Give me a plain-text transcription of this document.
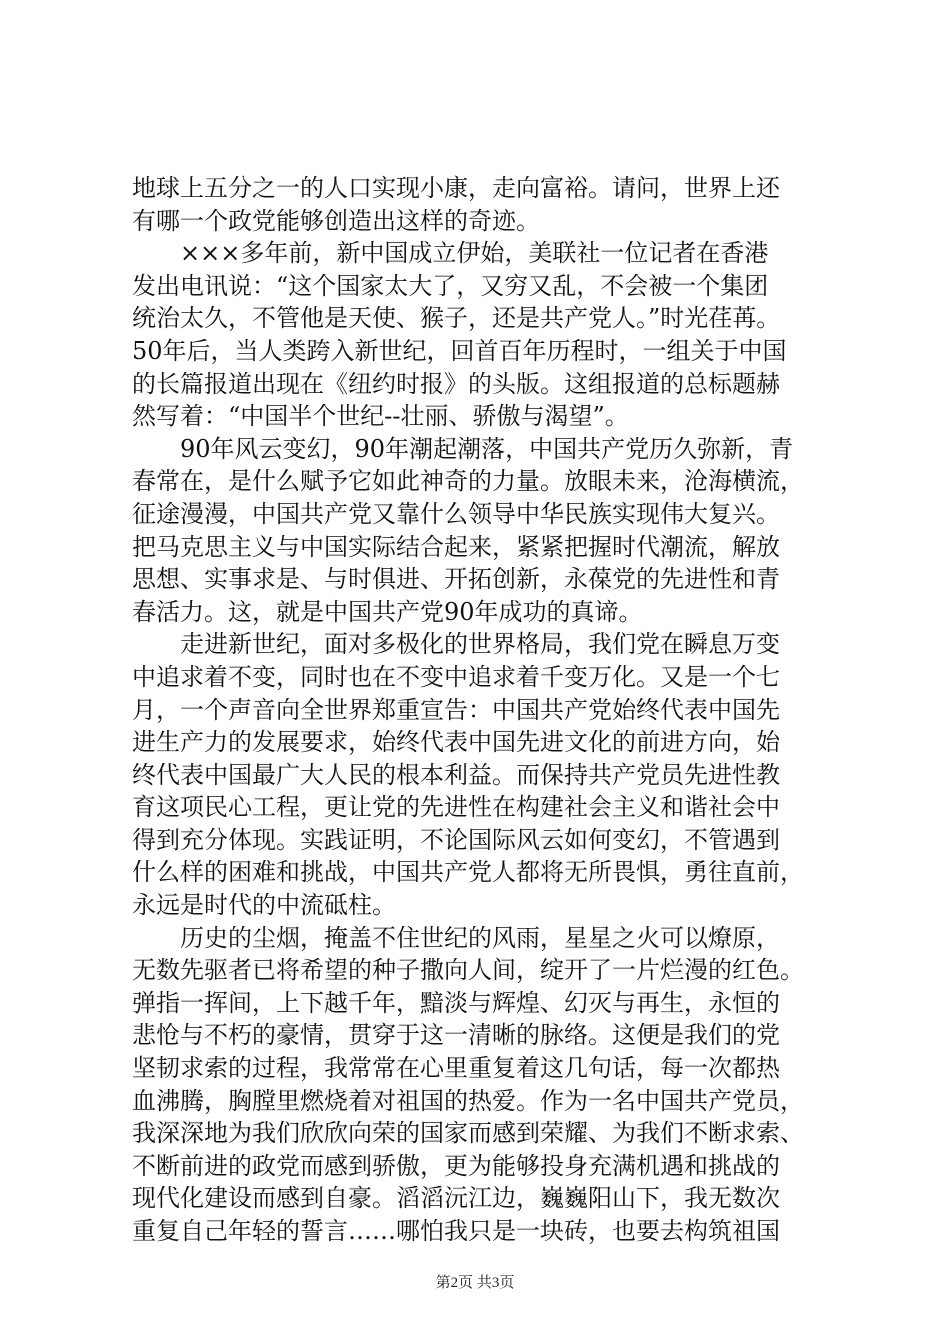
地球上五分之一的人口实现小康，走向富裕。请问，世界上还
有哪一个政党能够创造出这样的奇迹。
×××多年前，新中国成立伊始，美联社一位记者在香港
发出电讯说：“这个国家太大了，又穷又乱，不会被一个集团
统治太久，不管他是天使、猴子，还是共产党人。”时光荏苒。
50年后，当人类跨入新世纪，回首百年历程时，一组关于中国
的长篇报道出现在《纽约时报》的头版。这组报道的总标题赫
然写着：“中国半个世纪--壮丽、骄傲与渴望”。
90年风云变幻，90年潮起潮落，中国共产党历久弥新，青
春常在，是什么赋予它如此神奇的力量。放眼未来，沧海横流，
征途漫漫，中国共产党又靠什么领导中华民族实现伟大复兴。
把马克思主义与中国实际结合起来，紧紧把握时代潮流，解放
思想、实事求是、与时俱进、开拓创新，永葆党的先进性和青
春活力。这，就是中国共产党90年成功的真谛。
走进新世纪，面对多极化的世界格局，我们党在瞬息万变
中追求着不变，同时也在不变中追求着千变万化。又是一个七
月，一个声音向全世界郑重宣告：中国共产党始终代表中国先
进生产力的发展要求，始终代表中国先进文化的前进方向，始
终代表中国最广大人民的根本利益。而保持共产党员先进性教
育这项民心工程，更让党的先进性在构建社会主义和谐社会中
得到充分体现。实践证明，不论国际风云如何变幻，不管遇到
什么样的困难和挑战，中国共产党人都将无所畏惧，勇往直前，
永远是时代的中流砥柱。
历史的尘烟，掩盖不住世纪的风雨，星星之火可以燎原，
无数先驱者已将希望的种子撒向人间，绽开了一片烂漫的红色。
弹指一挥间，上下越千年，黯淡与辉煌、幻灭与再生，永恒的
悲怆与不朽的豪情，贯穿于这一清晰的脉络。这便是我们的党
坚韧求索的过程，我常常在心里重复着这几句话，每一次都热
血沸腾，胸膛里燃烧着对祖国的热爱。作为一名中国共产党员，
我深深地为我们欣欣向荣的国家而感到荣耀、为我们不断求索、
不断前进的政党而感到骄傲，更为能够投身充满机遇和挑战的
现代化建设而感到自豪。滔滔沅江边，巍巍阳山下，我无数次
重复自己年轻的誓言……哪怕我只是一块砖，也要去构筑祖国
第2页 共3页
